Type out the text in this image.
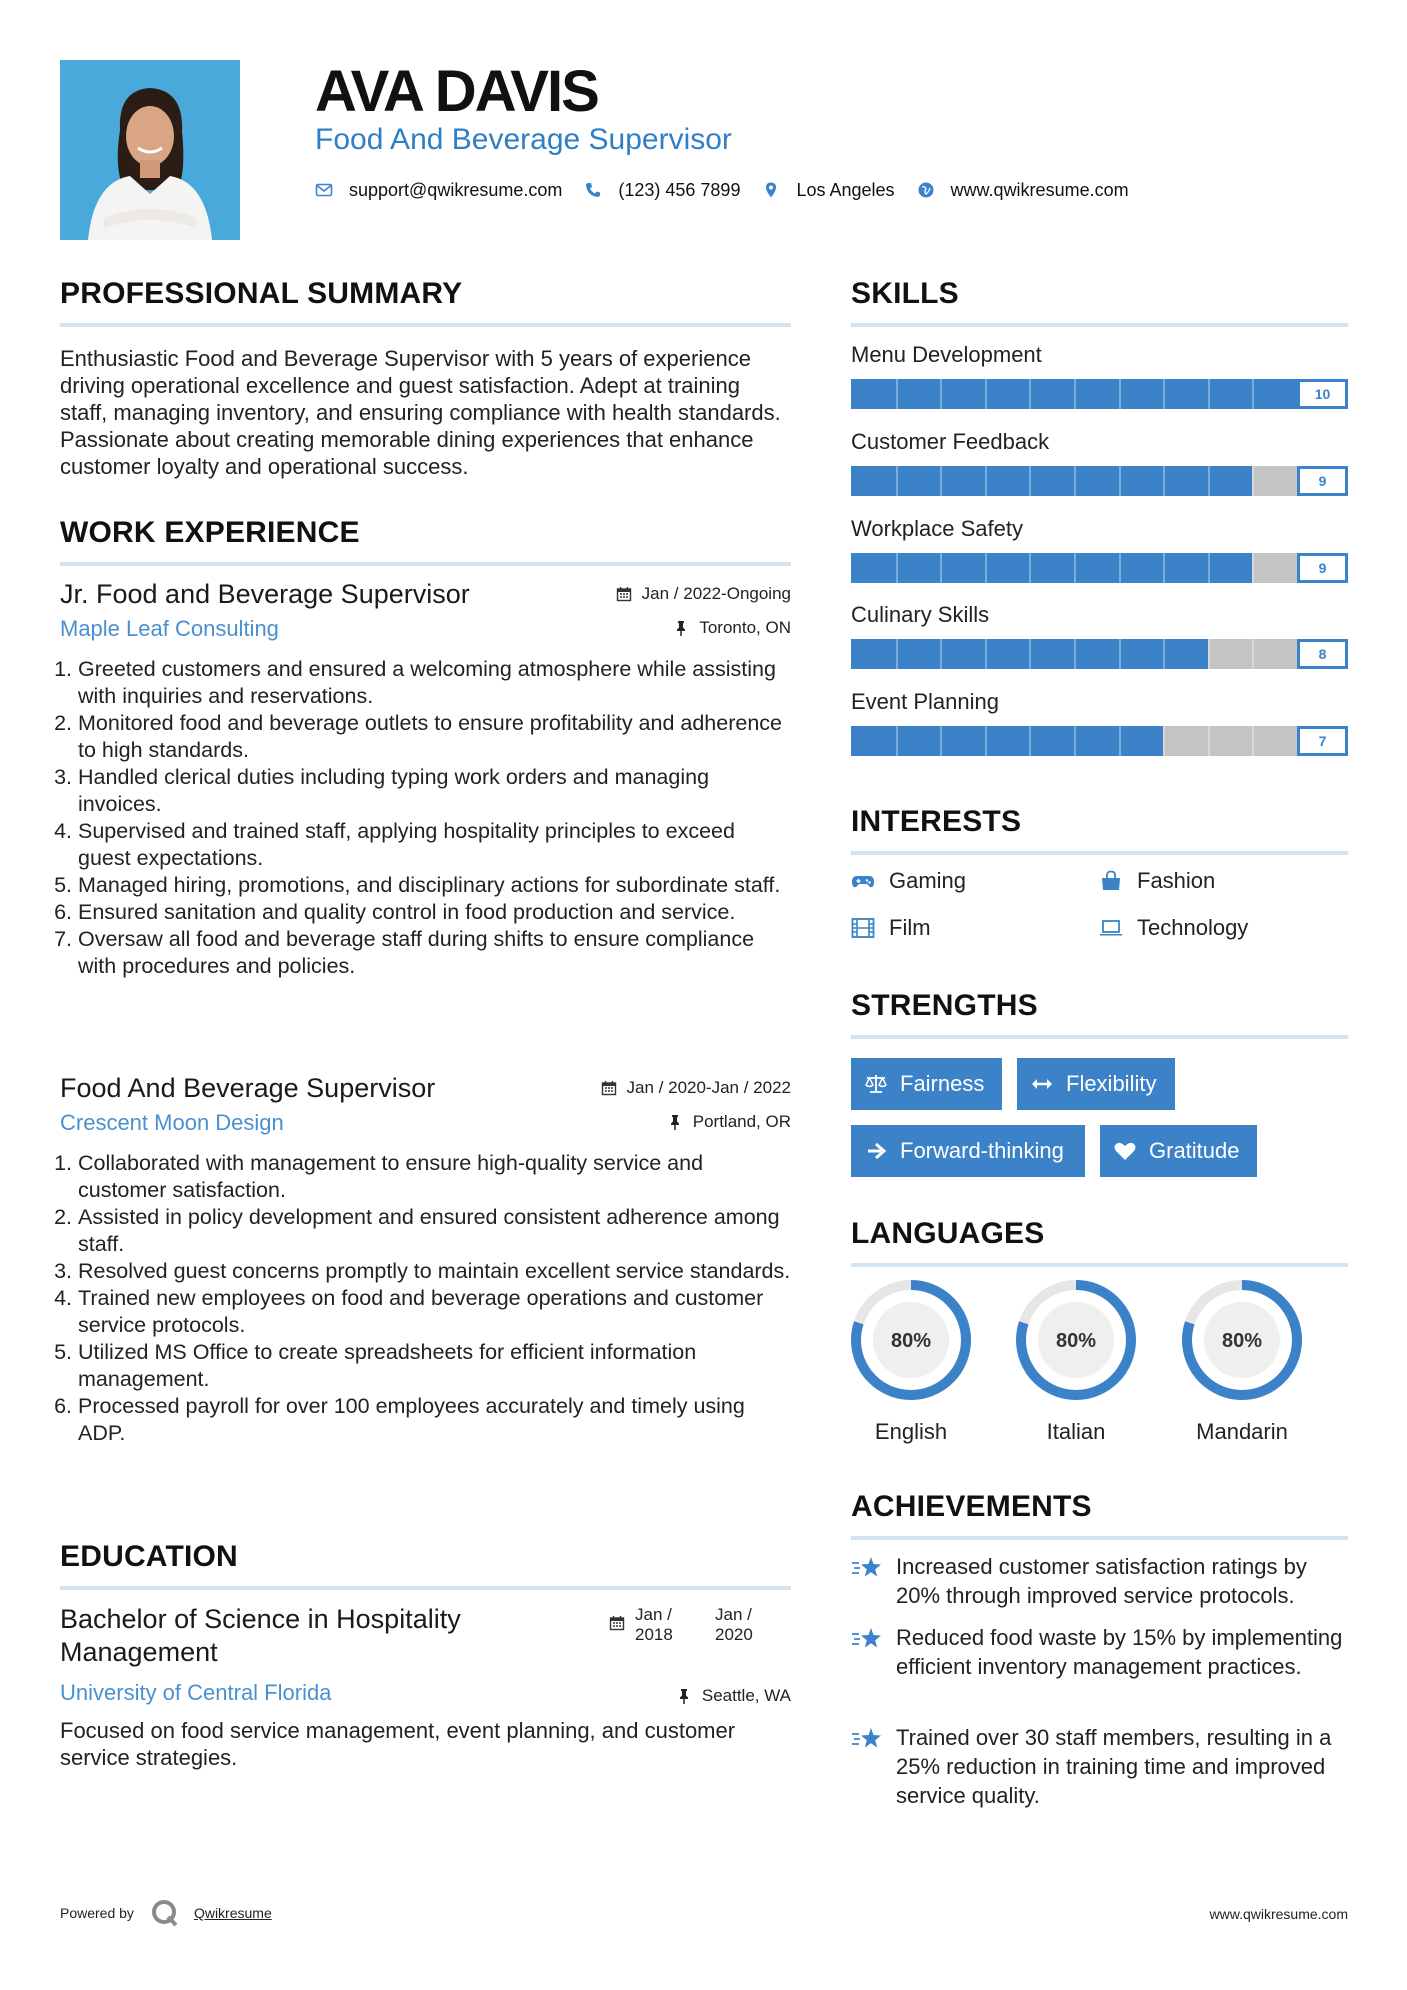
AVA DAVIS
Food And Beverage Supervisor
support@qwikresume.com	(123) 456 7899	Los Angeles	www.qwikresume.com
PROFESSIONAL SUMMARY

Enthusiastic Food and Beverage Supervisor with 5 years of experience driving operational excellence and guest satisfaction. Adept at training staff, managing inventory, and ensuring compliance with health standards. Passionate about creating memorable dining experiences that enhance customer loyalty and operational success.

WORK EXPERIENCE
Jr. Food and Beverage Supervisor
Maple Leaf Consulting
Jan / 2022-Ongoing
Toronto, ON
1. Greeted customers and ensured a welcoming atmosphere while assisting with inquiries and reservations.
2. Monitored food and beverage outlets to ensure profitability and adherence to high standards.
3. Handled clerical duties including typing work orders and managing invoices.
4. Supervised and trained staff, applying hospitality principles to exceed guest expectations.
5. Managed hiring, promotions, and disciplinary actions for subordinate staff.
6. Ensured sanitation and quality control in food production and service.
7. Oversaw all food and beverage staff during shifts to ensure compliance with procedures and policies.
Food And Beverage Supervisor
Crescent Moon Design
Jan / 2020-Jan / 2022
Portland, OR
1. Collaborated with management to ensure high-quality service and customer satisfaction.
2. Assisted in policy development and ensured consistent adherence among staff.
3. Resolved guest concerns promptly to maintain excellent service standards.
4. Trained new employees on food and beverage operations and customer service protocols.
5. Utilized MS Office to create spreadsheets for efficient information management.
6. Processed payroll for over 100 employees accurately and timely using ADP.
EDUCATION
Bachelor of Science in Hospitality Management
University of Central Florida
Jan / 2018
Jan / 2020
Seattle, WA
Focused on food service management, event planning, and customer service strategies.
SKILLS
Menu Development
10
Customer Feedback
9
Workplace Safety
9
Culinary Skills
8
Event Planning
7
INTERESTS
Gaming	Fashion
Film	Technology
STRENGTHS
Fairness	Flexibility
Forward-thinking	Gratitude
LANGUAGES
80%
English
80%
Italian
80%
Mandarin
ACHIEVEMENTS
Increased customer satisfaction ratings by 20% through improved service protocols.
Reduced food waste by 15% by implementing efficient inventory management practices.
Trained over 30 staff members, resulting in a 25% reduction in training time and improved service quality.
Powered by	Qwikresume	www.qwikresume.com
